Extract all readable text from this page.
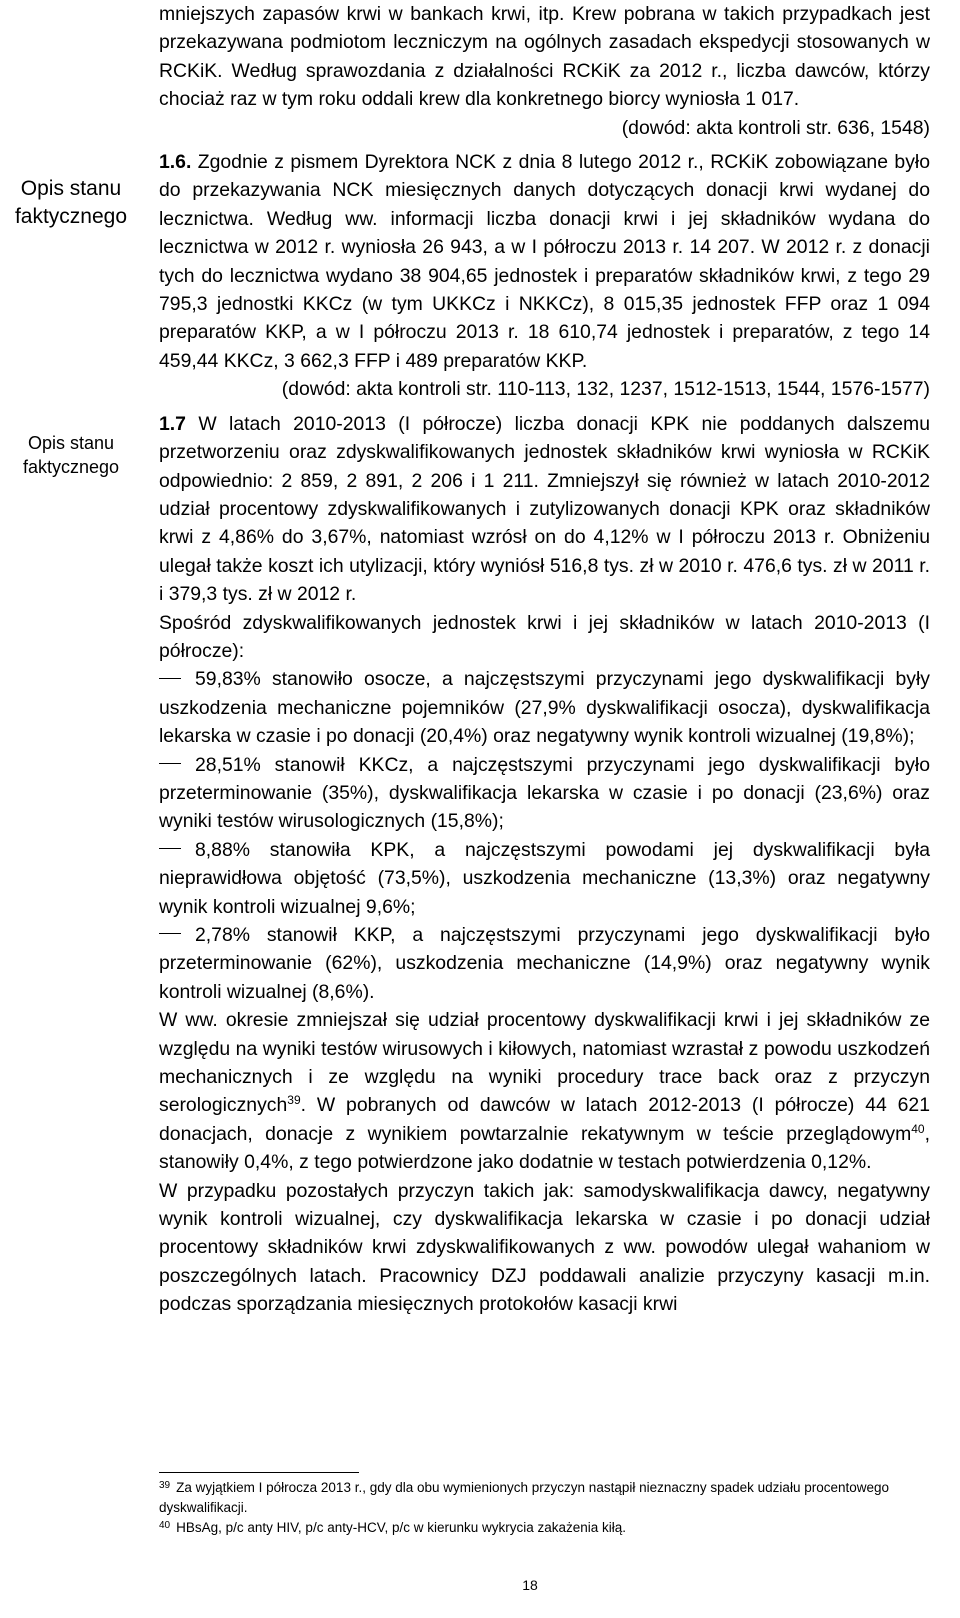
Opis stanu faktycznego
Opis stanu faktycznego

mniejszych zapasów krwi w bankach krwi, itp. Krew pobrana w takich przypadkach jest przekazywana podmiotom leczniczym na ogólnych zasadach ekspedycji stosowanych w RCKiK. Według sprawozdania z działalności RCKiK za 2012 r., liczba dawców, którzy chociaż raz w tym roku oddali krew dla konkretnego biorcy wyniosła 1 017.

(dowód: akta kontroli str. 636, 1548)

1.6. Zgodnie z pismem Dyrektora NCK z dnia 8 lutego 2012 r., RCKiK zobowiązane było do przekazywania NCK miesięcznych danych dotyczących donacji krwi wydanej do lecznictwa. Według ww. informacji liczba donacji krwi i jej składników wydana do lecznictwa w 2012 r. wyniosła 26 943, a w I półroczu 2013 r. 14 207. W 2012 r. z donacji tych do lecznictwa wydano 38 904,65 jednostek i preparatów składników krwi, z tego 29 795,3 jednostki KKCz (w tym UKKCz i NKKCz), 8 015,35 jednostek FFP oraz 1 094 preparatów KKP, a w I półroczu 2013 r. 18 610,74 jednostek i preparatów, z tego 14 459,44 KKCz, 3 662,3 FFP i 489 preparatów KKP.

(dowód: akta kontroli str. 110-113, 132, 1237, 1512-1513, 1544, 1576-1577)

1.7 W latach 2010-2013 (I półrocze) liczba donacji KPK nie poddanych dalszemu przetworzeniu oraz zdyskwalifikowanych jednostek składników krwi wyniosła w RCKiK odpowiednio: 2 859, 2 891, 2 206 i 1 211. Zmniejszył się również w latach 2010-2012 udział procentowy zdyskwalifikowanych i zutylizowanych donacji KPK oraz składników krwi z 4,86% do 3,67%, natomiast wzrósł on do 4,12% w I półroczu 2013 r. Obniżeniu ulegał także koszt ich utylizacji, który wyniósł 516,8 tys. zł w 2010 r. 476,6 tys. zł w 2011 r. i 379,3 tys. zł w 2012 r.

Spośród zdyskwalifikowanych jednostek krwi i jej składników w latach 2010-2013 (I półrocze):

59,83% stanowiło osocze, a najczęstszymi przyczynami jego dyskwalifikacji były uszkodzenia mechaniczne pojemników (27,9% dyskwalifikacji osocza), dyskwalifikacja lekarska w czasie i po donacji (20,4%) oraz negatywny wynik kontroli wizualnej (19,8%);

28,51% stanowił KKCz, a najczęstszymi przyczynami jego dyskwalifikacji było przeterminowanie (35%), dyskwalifikacja lekarska w czasie i po donacji (23,6%) oraz wyniki testów wirusologicznych (15,8%);

8,88% stanowiła KPK, a najczęstszymi powodami jej dyskwalifikacji była nieprawidłowa objętość (73,5%), uszkodzenia mechaniczne (13,3%) oraz negatywny wynik kontroli wizualnej 9,6%;

2,78% stanowił KKP, a najczęstszymi przyczynami jego dyskwalifikacji było przeterminowanie (62%), uszkodzenia mechaniczne (14,9%) oraz negatywny wynik kontroli wizualnej (8,6%).

W ww. okresie zmniejszał się udział procentowy dyskwalifikacji krwi i jej składników ze względu na wyniki testów wirusowych i kiłowych, natomiast wzrastał z powodu uszkodzeń mechanicznych i ze względu na wyniki procedury trace back oraz z przyczyn serologicznych$^{39}$. W pobranych od dawców w latach 2012-2013 (I półrocze) 44 621 donacjach, donacje z wynikiem powtarzalnie rekatywnym w teście przeglądowym$^{40}$, stanowiły 0,4%, z tego potwierdzone jako dodatnie w testach potwierdzenia 0,12%.

W przypadku pozostałych przyczyn takich jak: samodyskwalifikacja dawcy, negatywny wynik kontroli wizualnej, czy dyskwalifikacja lekarska w czasie i po donacji udział procentowy składników krwi zdyskwalifikowanych z ww. powodów ulegał wahaniom w poszczególnych latach. Pracownicy DZJ poddawali analizie przyczyny kasacji m.in. podczas sporządzania miesięcznych protokołów kasacji krwi

$^{39}$ Za wyjątkiem I półrocza 2013 r., gdy dla obu wymienionych przyczyn nastąpił nieznaczny spadek udziału procentowego dyskwalifikacji.

$^{40}$ HBsAg, p/c anty HIV, p/c anty-HCV, p/c w kierunku wykrycia zakażenia kiłą.

18
